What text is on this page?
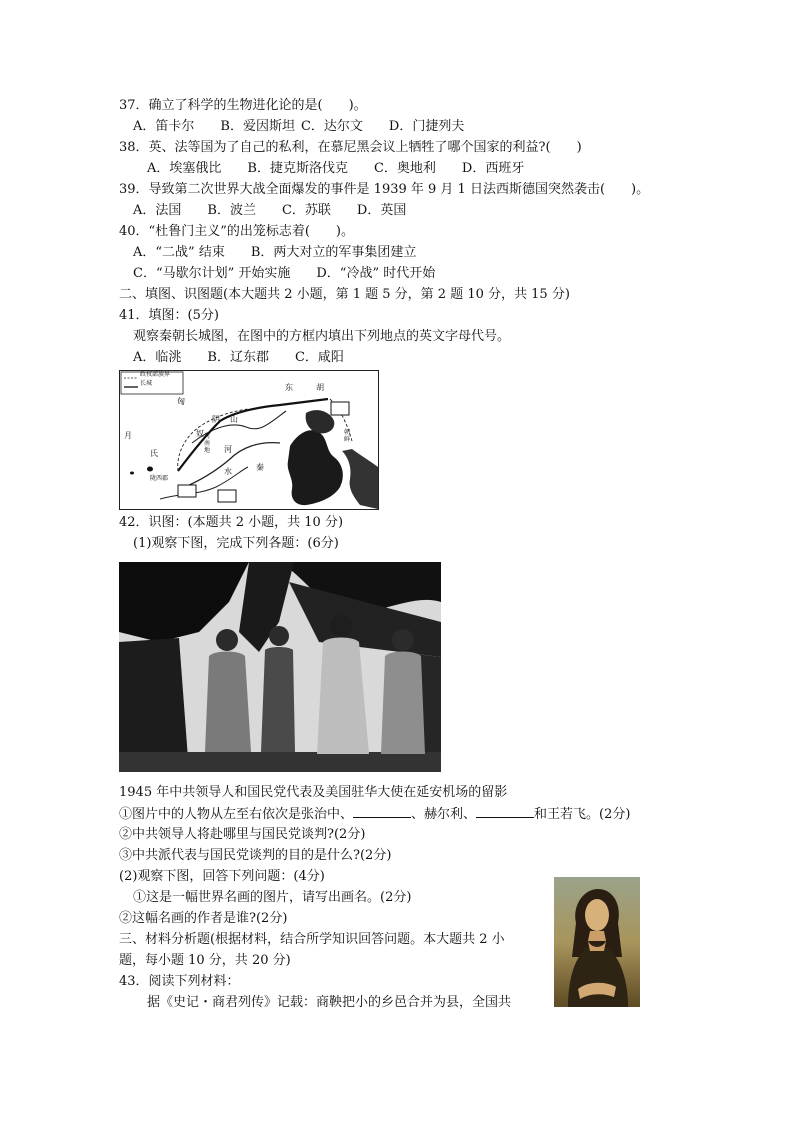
37．确立了科学的生物进化论的是(　　)。
A．笛卡尔 B．爱因斯坦 C．达尔文 D．门捷列夫
38．英、法等国为了自己的私利，在慕尼黑会议上牺牲了哪个国家的利益?(　　)
A．埃塞俄比 B．捷克斯洛伐克 C．奥地利 D．西班牙
39．导致第二次世界大战全面爆发的事件是 1939 年 9 月 1 日法西斯德国突然袭击(　　)。
A．法国 B．波兰 C．苏联 D．英国
40．“杜鲁门主义”的出笼标志着(　　)。
A．“二战” 结束 B．两大对立的军事集团建立
C．“马歇尔计划” 开始实施 D．“冷战” 时代开始
二、填图、识图题(本大题共 2 小题，第 1 题 5 分，第 2 题 10 分，共 15 分)
41．填图：(5分)
观察秦朝长城图，在图中的方框内填出下列地点的英文字母代号。
A．临洮 B．辽东郡 C．咸阳
政权部族界
长城	东	胡
匈
阴 山
奴 河南地
月
氏
陇西郡
秦
河
水
朝鲜
42．识图：(本题共 2 小题，共 10 分)
(1)观察下图，完成下列各题：(6分)
1945 年中共领导人和国民党代表及美国驻华大使在延安机场的留影
①图片中的人物从左至右依次是张治中、	、赫尔利、	和王若飞。(2分)
②中共领导人将赴哪里与国民党谈判?(2分)
③中共派代表与国民党谈判的目的是什么?(2分)
(2)观察下图，回答下列问题：(4分)
①这是一幅世界名画的图片，请写出画名。(2分)
②这幅名画的作者是谁?(2分)
三、材料分析题(根据材料，结合所学知识回答问题。本大题共 2 小
题，每小题 10 分，共 20 分)
43．阅读下列材料：
据《史记・商君列传》记载：商鞅把小的乡邑合并为县，全国共
